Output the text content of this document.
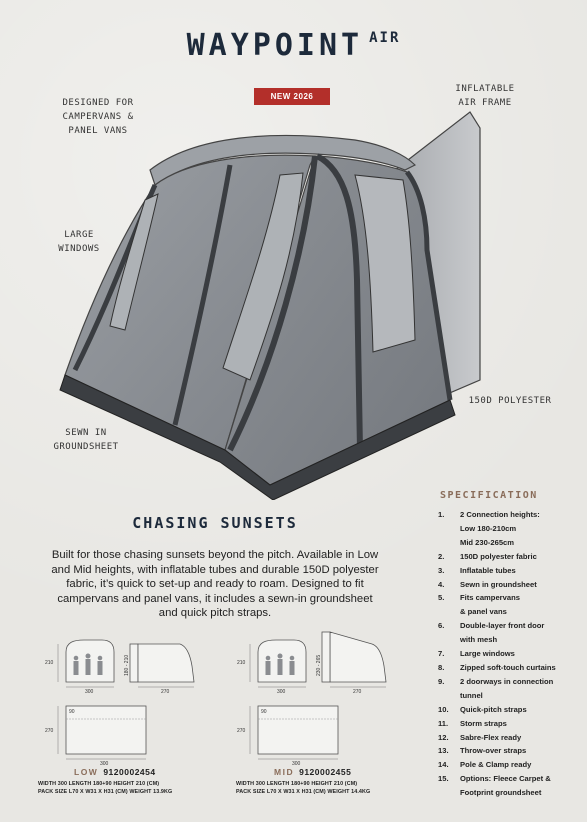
WAYPOINT $^{AIR}$
NEW 2026
DESIGNED FOR
CAMPERVANS &
PANEL VANS
INFLATABLE
AIR FRAME
LARGE
WINDOWS
150D POLYESTER
SEWN IN
GROUNDSHEET
CHASING SUNSETS
Built for those chasing sunsets beyond the pitch. Available in Low and Mid heights, with inflatable tubes and durable 150D polyester fabric, it’s quick to set-up and ready to roam. Designed to fit campervans and panel vans, it includes a sewn-in groundsheet and quick pitch straps.
SPECIFICATION
1.	2 Connection heights:
Low 180-210cm
Mid 230-265cm
2.	150D polyester fabric
3.	Inflatable tubes
4.	Sewn in groundsheet
5.	Fits campervans
& panel vans
6.	Double-layer front door
with mesh
7.	Large windows
8.	Zipped soft-touch curtains
9.	2 doorways in connection
tunnel
10.	Quick-pitch straps
11.	Storm straps
12.	Sabre-Flex ready
13.	Throw-over straps
14.	Pole & Clamp ready
15.	Options: Fleece Carpet &
Footprint groundsheet
210
300
180 - 210
270
90
270
300
210
300
230 - 265
270
90
270
300
LOW 9120002454
WIDTH 300 LENGTH 180+90 HEIGHT 210 (CM)
PACK SIZE L70 X W31 X H31 (CM) WEIGHT 13.9KG
MID 9120002455
WIDTH 300 LENGTH 180+90 HEIGHT 210 (CM)
PACK SIZE L70 X W31 X H31 (CM) WEIGHT 14.4KG
